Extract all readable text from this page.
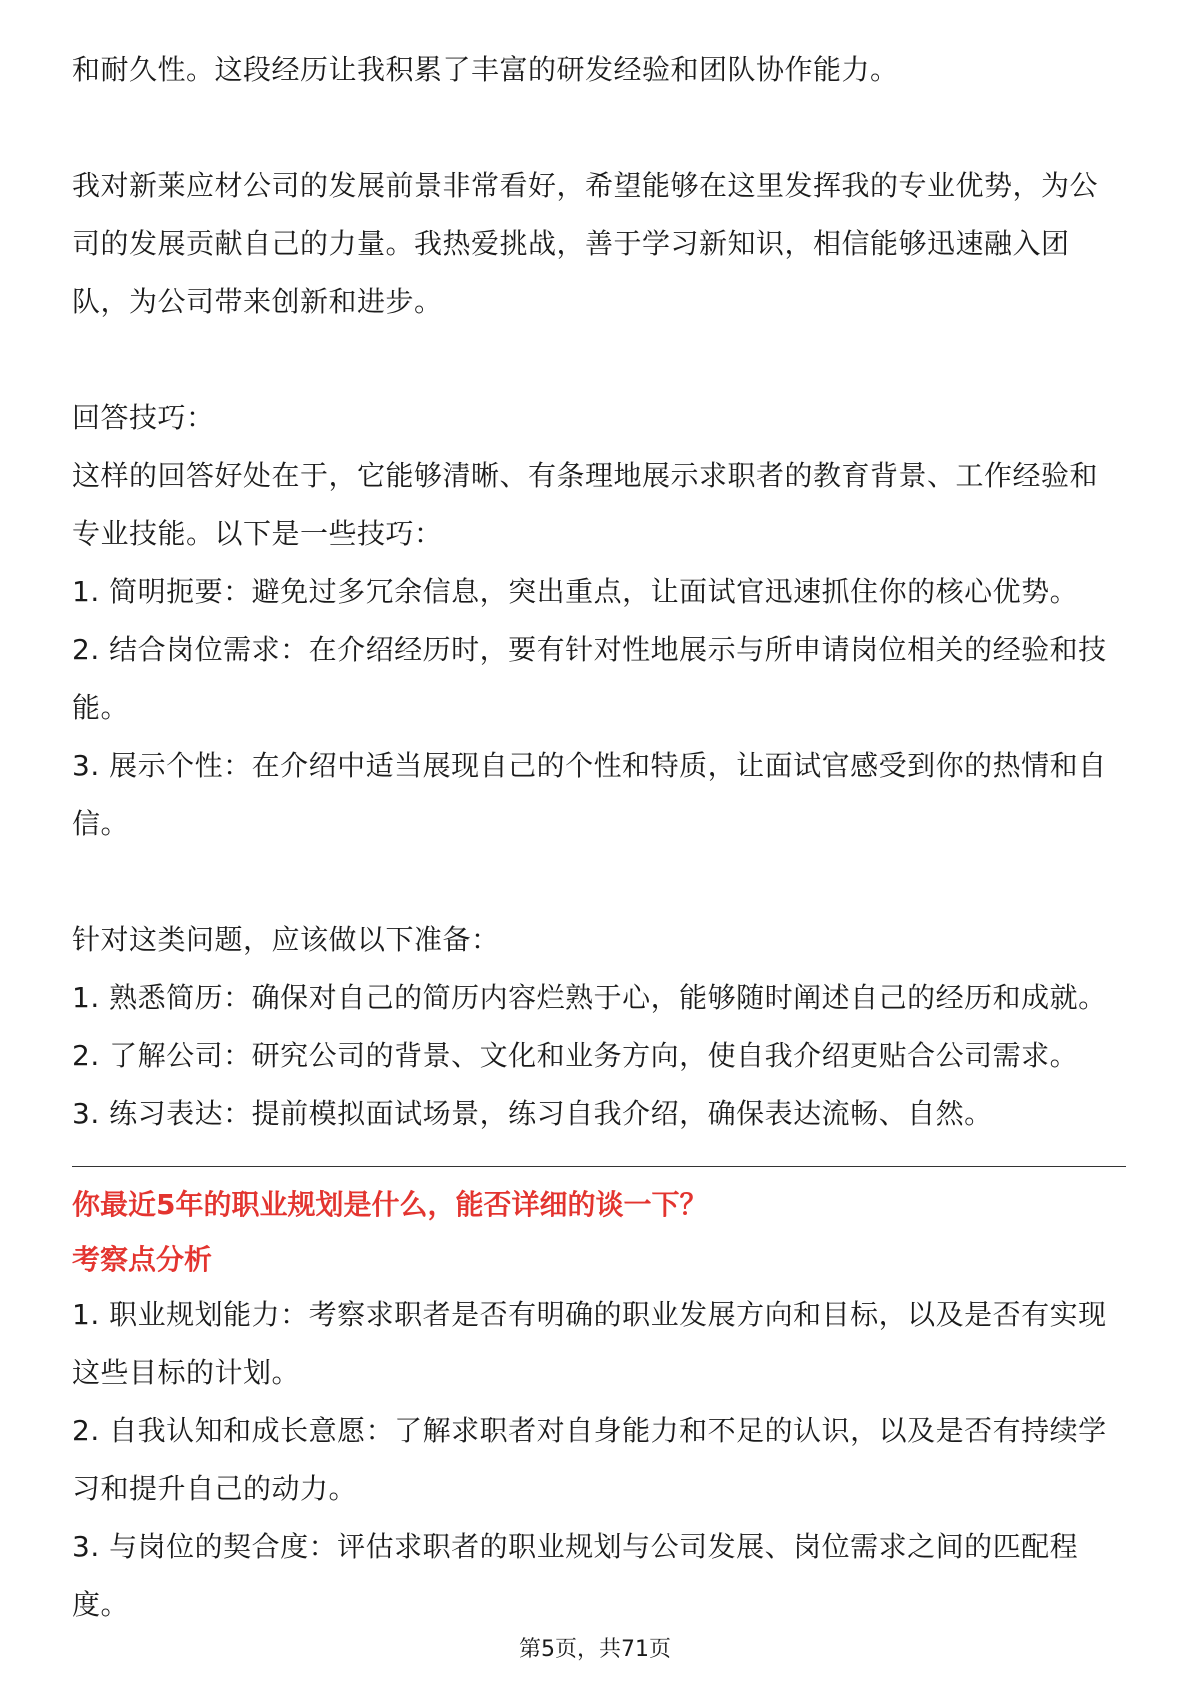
和耐久性。这段经历让我积累了丰富的研发经验和团队协作能力。
我对新莱应材公司的发展前景非常看好，希望能够在这里发挥我的专业优势，为公
司的发展贡献自己的力量。我热爱挑战，善于学习新知识，相信能够迅速融入团
队，为公司带来创新和进步。
回答技巧：
这样的回答好处在于，它能够清晰、有条理地展示求职者的教育背景、工作经验和
专业技能。以下是一些技巧：
1. 简明扼要：避免过多冗余信息，突出重点，让面试官迅速抓住你的核心优势。
2. 结合岗位需求：在介绍经历时，要有针对性地展示与所申请岗位相关的经验和技
能。
3. 展示个性：在介绍中适当展现自己的个性和特质，让面试官感受到你的热情和自
信。
针对这类问题，应该做以下准备：
1. 熟悉简历：确保对自己的简历内容烂熟于心，能够随时阐述自己的经历和成就。
2. 了解公司：研究公司的背景、文化和业务方向，使自我介绍更贴合公司需求。
3. 练习表达：提前模拟面试场景，练习自我介绍，确保表达流畅、自然。
你最近5年的职业规划是什么，能否详细的谈一下？
考察点分析
1. 职业规划能力：考察求职者是否有明确的职业发展方向和目标，以及是否有实现
这些目标的计划。
2. 自我认知和成长意愿：了解求职者对自身能力和不足的认识，以及是否有持续学
习和提升自己的动力。
3. 与岗位的契合度：评估求职者的职业规划与公司发展、岗位需求之间的匹配程
度。
第5页，共71页
